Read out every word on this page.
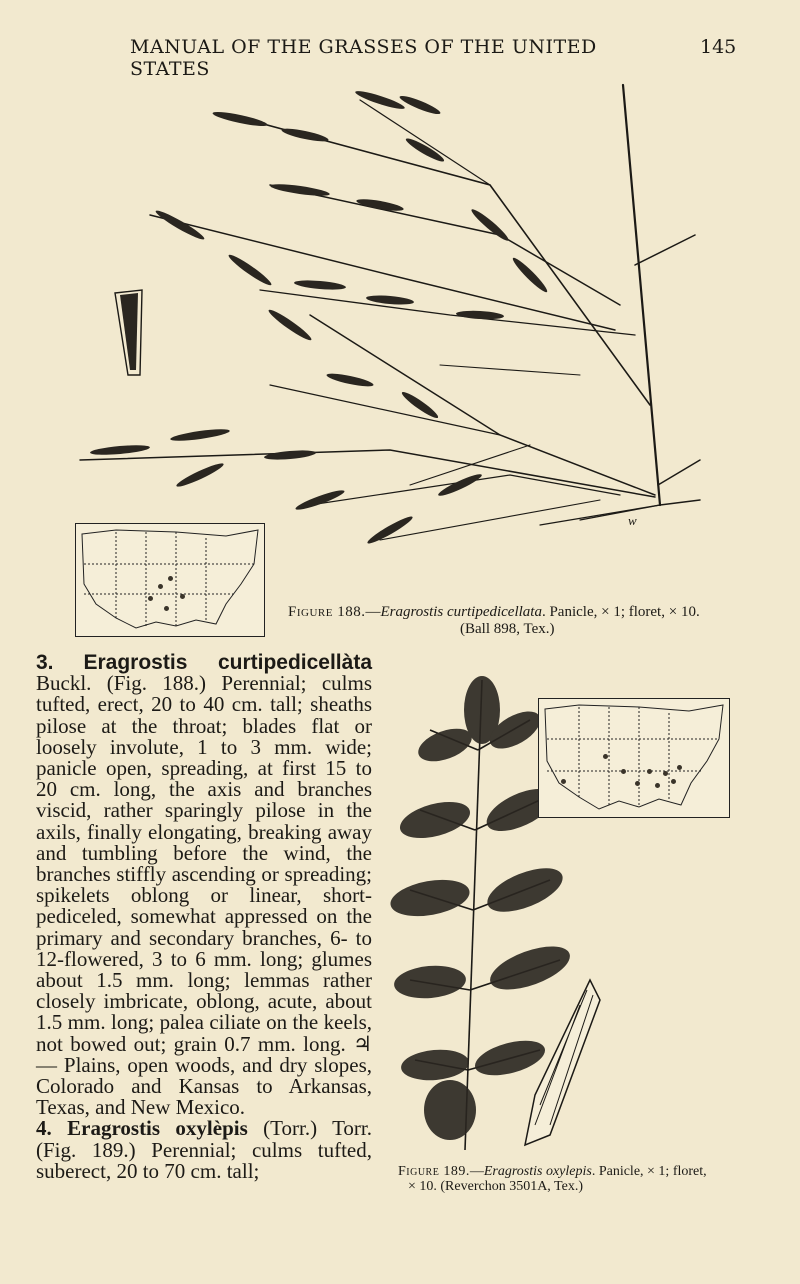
MANUAL OF THE GRASSES OF THE UNITED STATES
145
w
Figure 188.—Eragrostis curtipedicellata. Panicle, × 1; floret, × 10.
(Ball 898, Tex.)

3. Eragrostis curtipedicellàta Buckl. (Fig. 188.) Perennial; culms tufted, erect, 20 to 40 cm. tall; sheaths pilose at the throat; blades flat or loosely involute, 1 to 3 mm. wide; panicle open, spreading, at first 15 to 20 cm. long, the axis and branches viscid, rather sparingly pilose in the axils, finally elongating, breaking away and tumbling before the wind, the branches stiffly ascending or spreading; spikelets oblong or linear, short-pediceled, somewhat appressed on the primary and secondary branches, 6- to 12-flowered, 3 to 6 mm. long; glumes about 1.5 mm. long; lemmas rather closely imbricate, oblong, acute, about 1.5 mm. long; palea ciliate on the keels, not bowed out; grain 0.7 mm. long. ♃ — Plains, open woods, and dry slopes, Colorado and Kansas to Arkansas, Texas, and New Mexico.

4. Eragrostis oxylèpis (Torr.) Torr. (Fig. 189.) Perennial; culms tufted, suberect, 20 to 70 cm. tall;	Figure 189.—Eragrostis oxylepis. Panicle, × 1; floret,
× 10. (Reverchon 3501A, Tex.)
